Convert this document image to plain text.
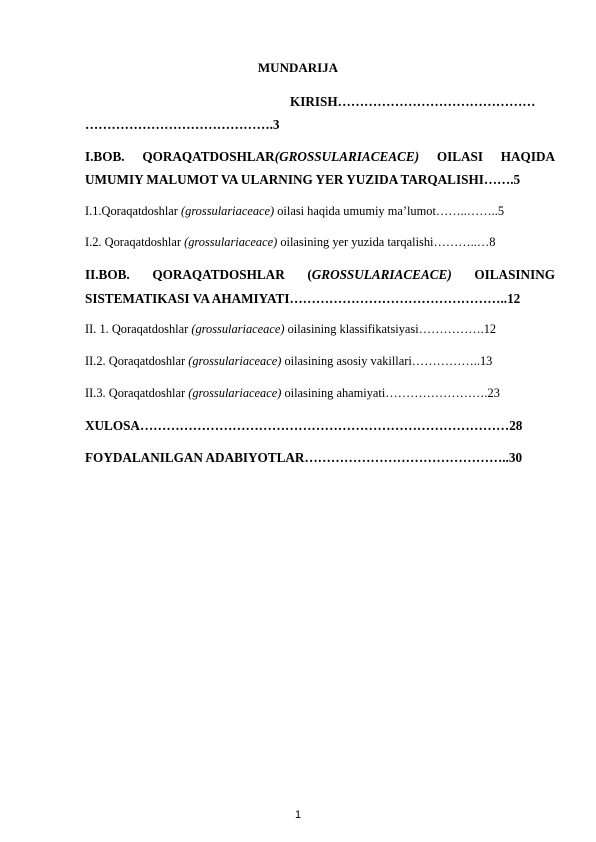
MUNDARIJA
KIRISH………………………………………
…………………………………….3
I.BOB. QORAQATDOSHLAR(GROSSULARIACEACE) OILASI HAQIDA
UMUMIY MALUMOT VA ULARNING YER YUZIDA TARQALISHI…….5
I.1.Qoraqatdoshlar (grossulariaceace) oilasi haqida umumiy ma’lumot……..……..5
I.2. Qoraqatdoshlar (grossulariaceace) oilasining yer yuzida tarqalishi………..…8
II.BOB. QORAQATDOSHLAR (GROSSULARIACEACE) OILASINING
SISTEMATIKASI VA AHAMIYATI…………………………………………..12
II. 1. Qoraqatdoshlar (grossulariaceace) oilasining klassifikatsiyasi…………….12
II.2. Qoraqatdoshlar (grossulariaceace) oilasining asosiy vakillari……………..13
II.3. Qoraqatdoshlar (grossulariaceace) oilasining ahamiyati…………………….23
XULOSA…………………………………………………………………………28
FOYDALANILGAN ADABIYOTLAR………………………………………..30
1
